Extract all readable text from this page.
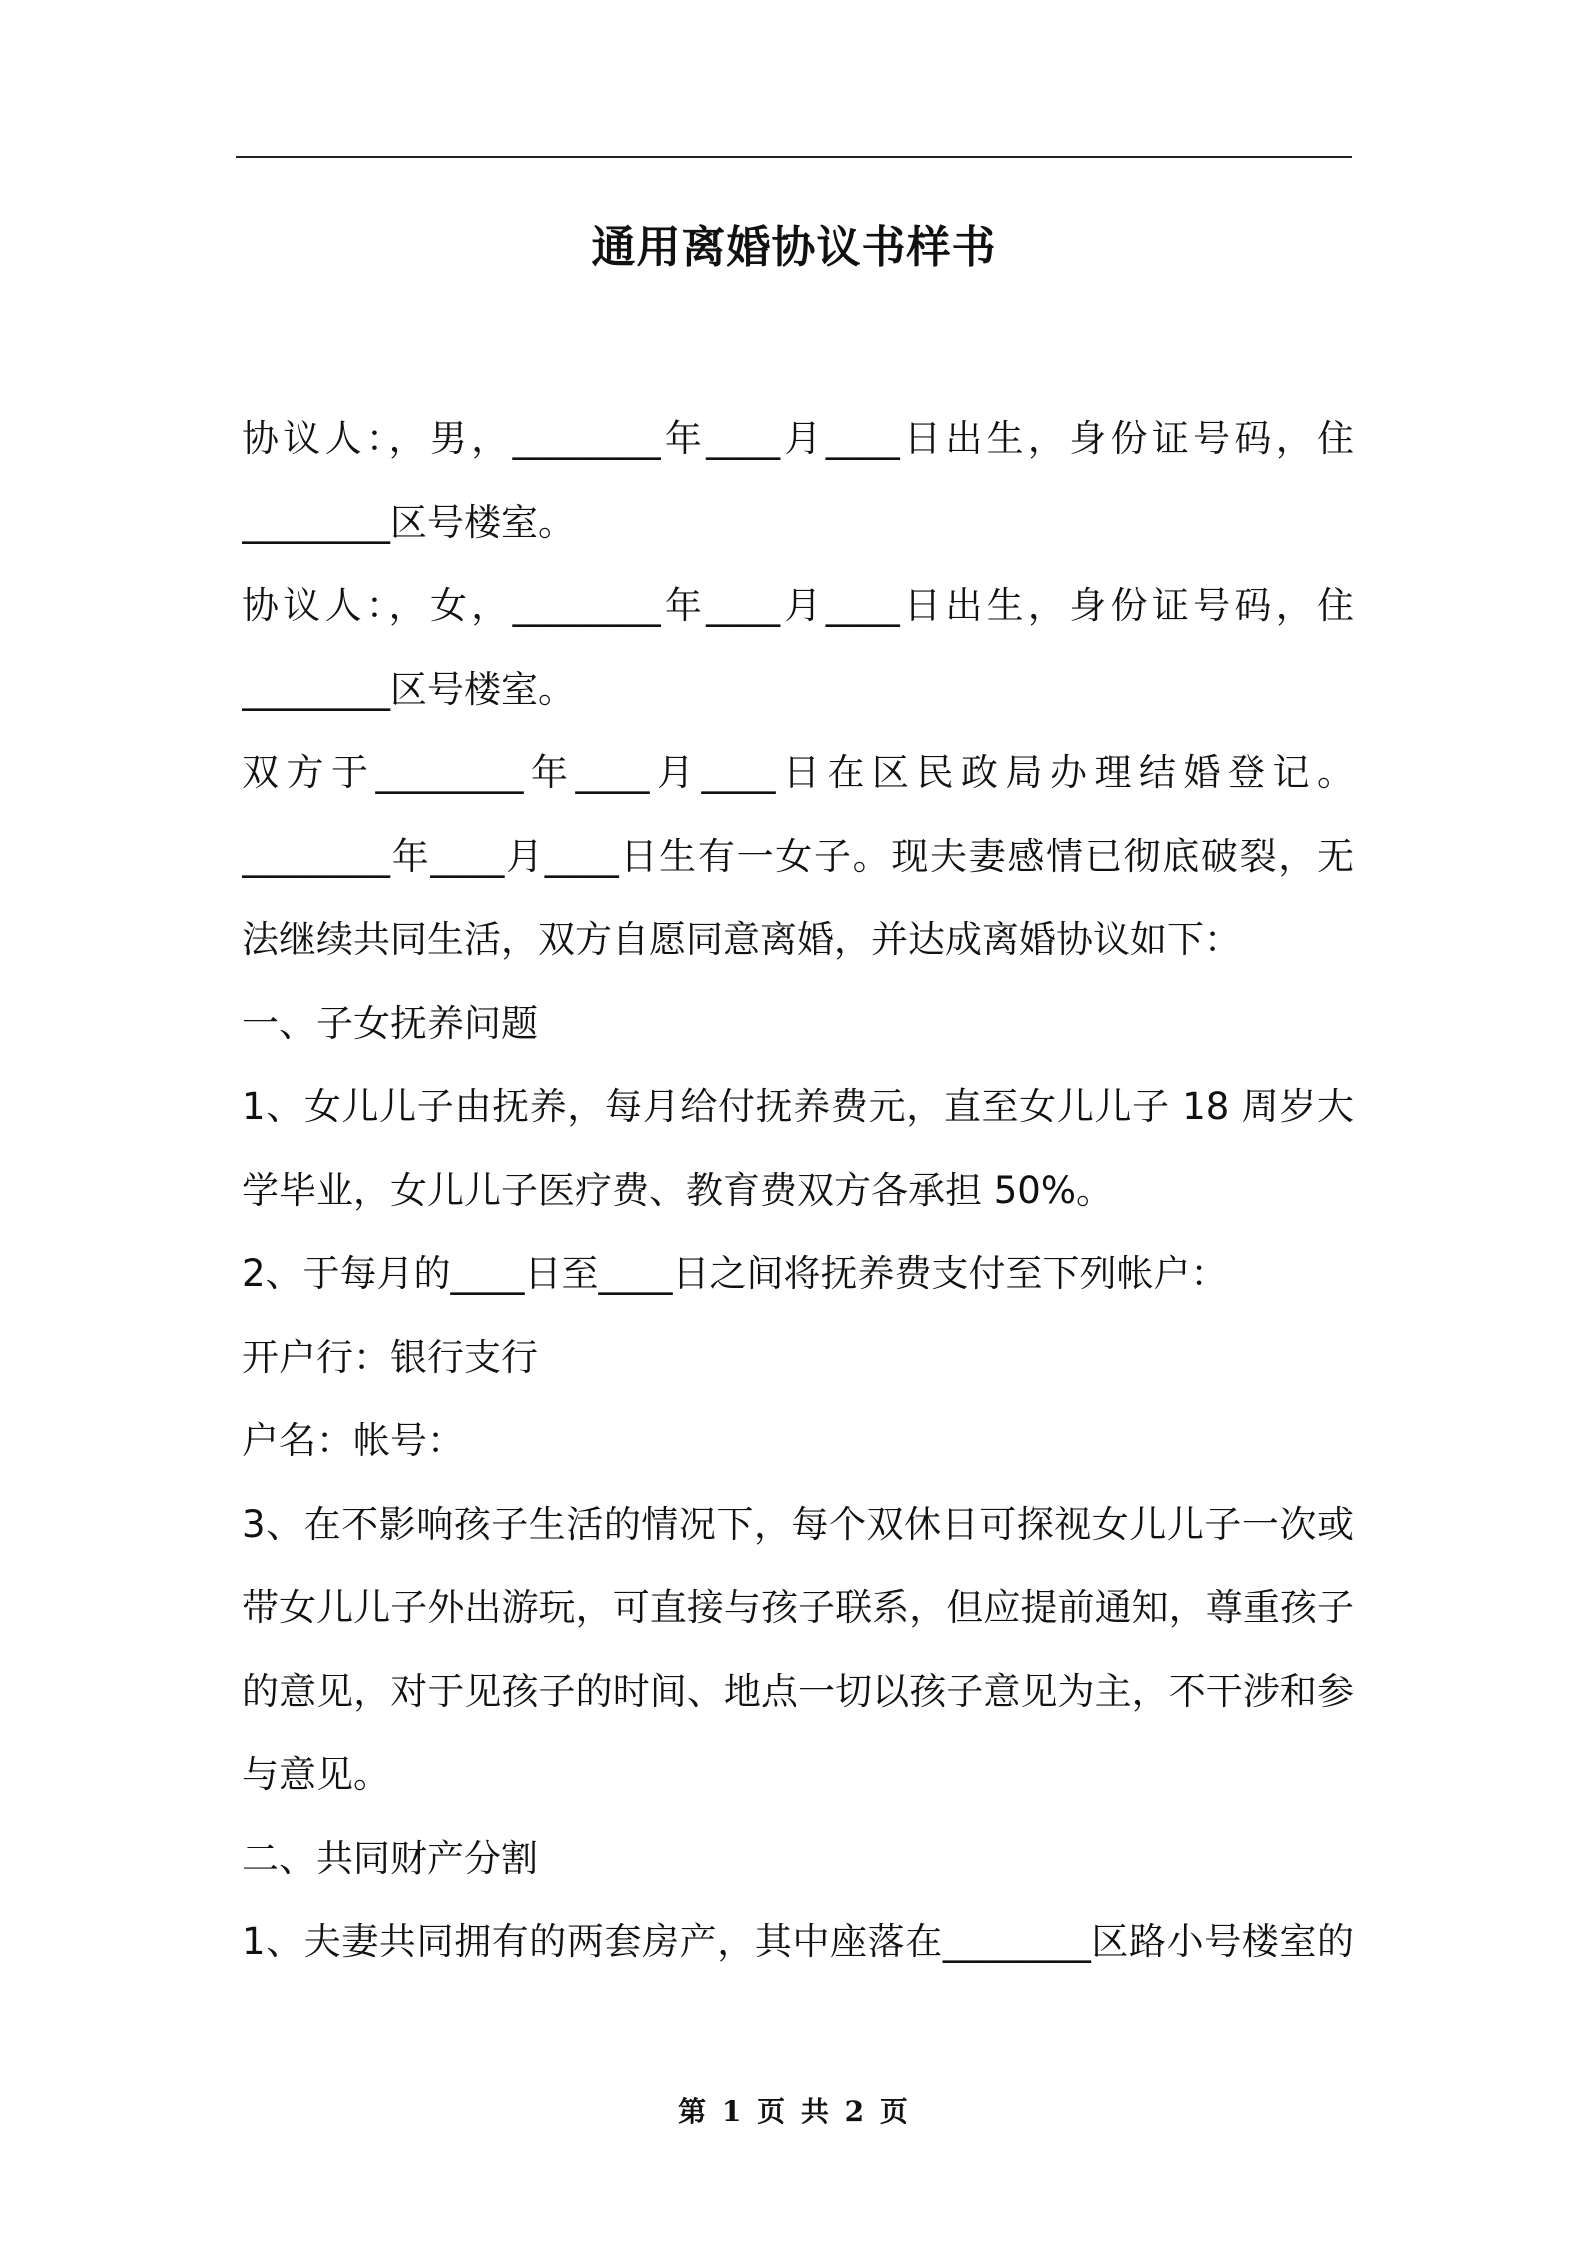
通用离婚协议书样书
协议人：，男，________年____月____日出生，身份证号码，住
________区号楼室。
协议人：，女，________年____月____日出生，身份证号码，住
________区号楼室。
双方于________年____月____日在区民政局办理结婚登记。
________年____月____日生有一女子。现夫妻感情已彻底破裂，无
法继续共同生活，双方自愿同意离婚，并达成离婚协议如下：
一、子女抚养问题
1、女儿儿子由抚养，每月给付抚养费元，直至女儿儿子 18 周岁大
学毕业，女儿儿子医疗费、教育费双方各承担 50%。
2、于每月的____日至____日之间将抚养费支付至下列帐户：
开户行：银行支行
户名：帐号：
3、在不影响孩子生活的情况下，每个双休日可探视女儿儿子一次或
带女儿儿子外出游玩，可直接与孩子联系，但应提前通知，尊重孩子
的意见，对于见孩子的时间、地点一切以孩子意见为主，不干涉和参
与意见。
二、共同财产分割
1、夫妻共同拥有的两套房产，其中座落在________区路小号楼室的
第 1 页 共 2 页
